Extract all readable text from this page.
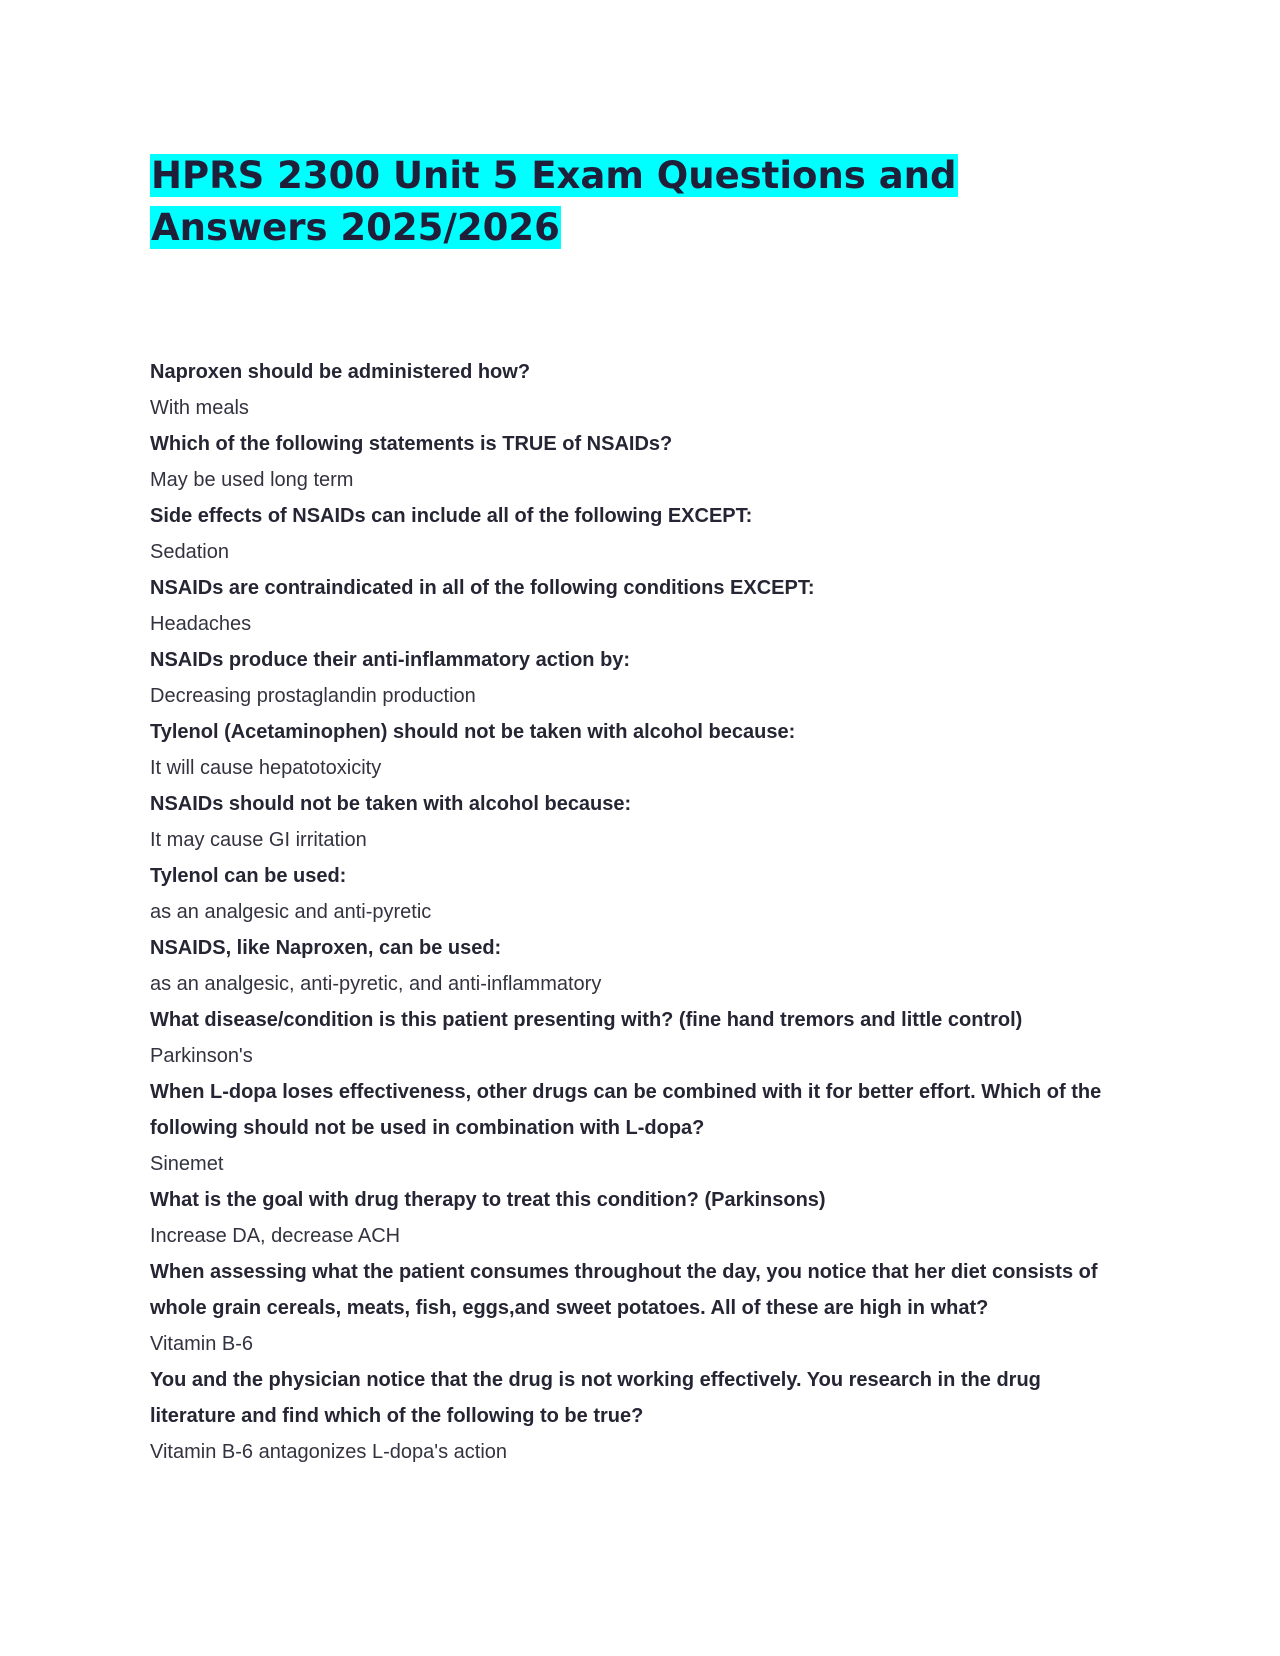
HPRS 2300 Unit 5 Exam Questions and Answers 2025/2026

Naproxen should be administered how?

With meals

Which of the following statements is TRUE of NSAIDs?

May be used long term

Side effects of NSAIDs can include all of the following EXCEPT:

Sedation

NSAIDs are contraindicated in all of the following conditions EXCEPT:

Headaches

NSAIDs produce their anti-inflammatory action by:

Decreasing prostaglandin production

Tylenol (Acetaminophen) should not be taken with alcohol because:

It will cause hepatotoxicity

NSAIDs should not be taken with alcohol because:

It may cause GI irritation

Tylenol can be used:

as an analgesic and anti-pyretic

NSAIDS, like Naproxen, can be used:

as an analgesic, anti-pyretic, and anti-inflammatory

What disease/condition is this patient presenting with? (fine hand tremors and little control)

Parkinson's

When L-dopa loses effectiveness, other drugs can be combined with it for better effort. Which of the following should not be used in combination with L-dopa?

Sinemet

What is the goal with drug therapy to treat this condition? (Parkinsons)

Increase DA, decrease ACH

When assessing what the patient consumes throughout the day, you notice that her diet consists of whole grain cereals, meats, fish, eggs,and sweet potatoes. All of these are high in what?

Vitamin B-6

You and the physician notice that the drug is not working effectively. You research in the drug literature and find which of the following to be true?

Vitamin B-6 antagonizes L-dopa's action
